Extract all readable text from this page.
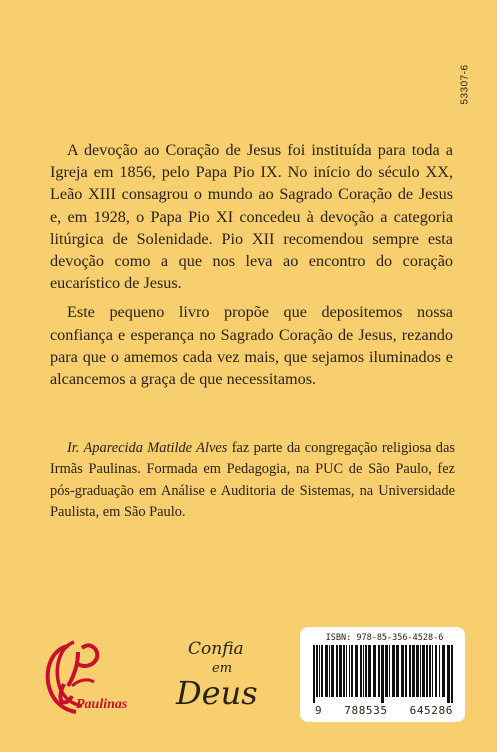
53307-6

A devoção ao Coração de Jesus foi instituída para toda a Igreja em 1856, pelo Papa Pio IX. No início do século XX, Leão XIII consagrou o mundo ao Sagrado Coração de Jesus e, em 1928, o Papa Pio XI concedeu à devoção a categoria litúrgica de Solenidade. Pio XII recomendou sempre esta devoção como a que nos leva ao encontro do coração eucarístico de Jesus.

Este pequeno livro propõe que depositemos nossa confiança e esperança no Sagrado Coração de Jesus, rezando para que o amemos cada vez mais, que sejamos iluminados e alcancemos a graça de que necessitamos.

Ir. Aparecida Matilde Alves faz parte da congregação religiosa das Irmãs Paulinas. Formada em Pedagogia, na PUC de São Paulo, fez pós-graduação em Análise e Auditoria de Sistemas, na Universidade Paulista, em São Paulo.

Paulinas
Confia
em
Deus
ISBN: 978-85-356-4528-6
9 788535 645286
